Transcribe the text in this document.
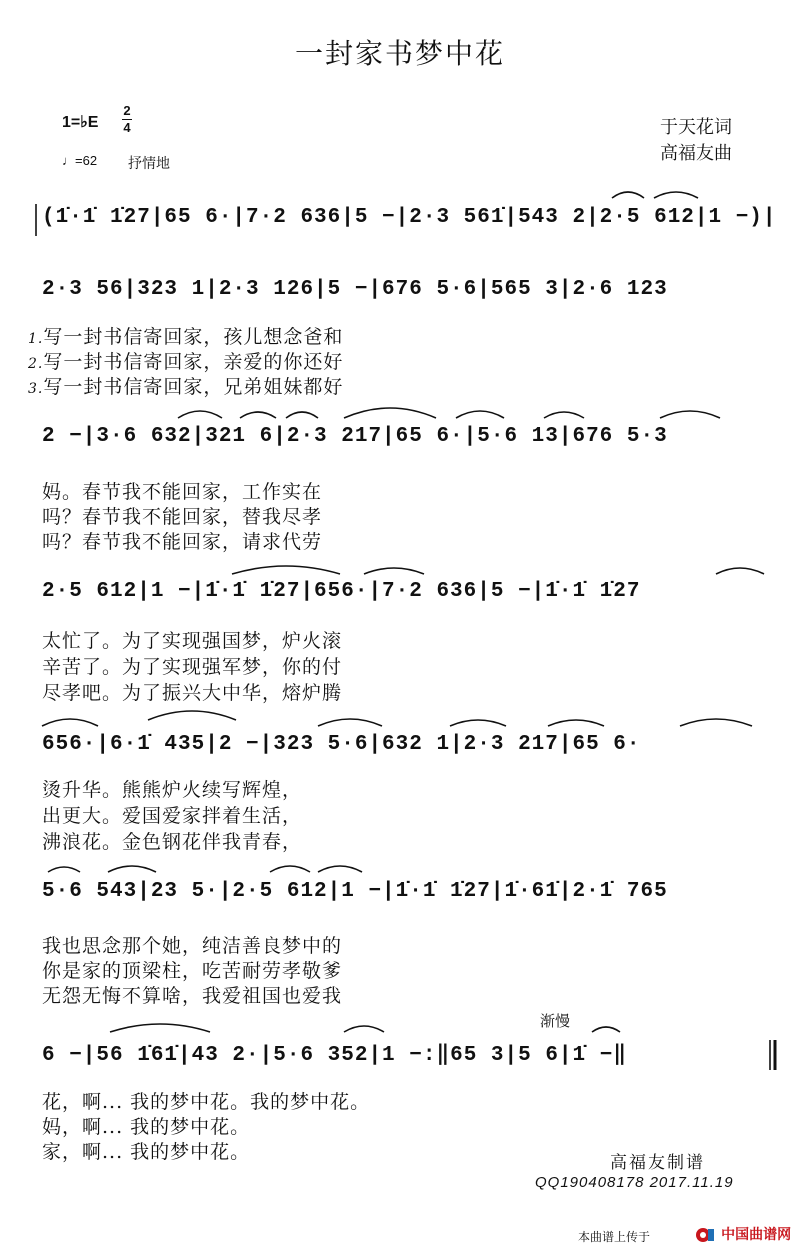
一封家书梦中花
1=♭E
2
4
♩=62 抒情地
于天花词
高福友曲
(1̇·1̇ 1̇27|65 6·|7·2 636|5 −|2·3 561̇|543 2|2·5 612|1 −)|
2·3 56|323 1|2·3 126|5 −|676 5·6|565 3|2·6 123
1.写一封书信寄回家，孩儿想念爸和
2.写一封书信寄回家，亲爱的你还好
3.写一封书信寄回家，兄弟姐妹都好
2 −|3·6 632|321 6|2·3 217|65 6·|5·6 13|676 5·3
妈。春节我不能回家，工作实在
吗？春节我不能回家，替我尽孝
吗？春节我不能回家，请求代劳
2·5 612|1 −|1̇·1̇ 1̇27|656·|7·2 636|5 −|1̇·1̇ 1̇27
太忙了。为了实现强国梦，炉火滚
辛苦了。为了实现强军梦，你的付
尽孝吧。为了振兴大中华，熔炉腾
656·|6·1̇ 435|2 −|323 5·6|632 1|2·3 217|65 6·
烫升华。熊熊炉火续写辉煌，
出更大。爱国爱家拌着生活，
沸浪花。金色钢花伴我青春，
5·6 543|23 5·|2·5 612|1 −|1̇·1̇ 1̇27|1̇·61̇|2·1̇ 765
我也思念那个她，纯洁善良梦中的
你是家的顶梁柱，吃苦耐劳孝敬爹
无怨无悔不算啥，我爱祖国也爱我
渐慢
6 −|56 1̇61̇|43 2·|5·6 352|1 −:‖65 3|5 6|1̇ −‖
花，啊... 我的梦中花。我的梦中花。
妈，啊... 我的梦中花。
家，啊... 我的梦中花。	高福友制谱
QQ190408178 2017.11.19
本曲谱上传于	中国曲谱网
